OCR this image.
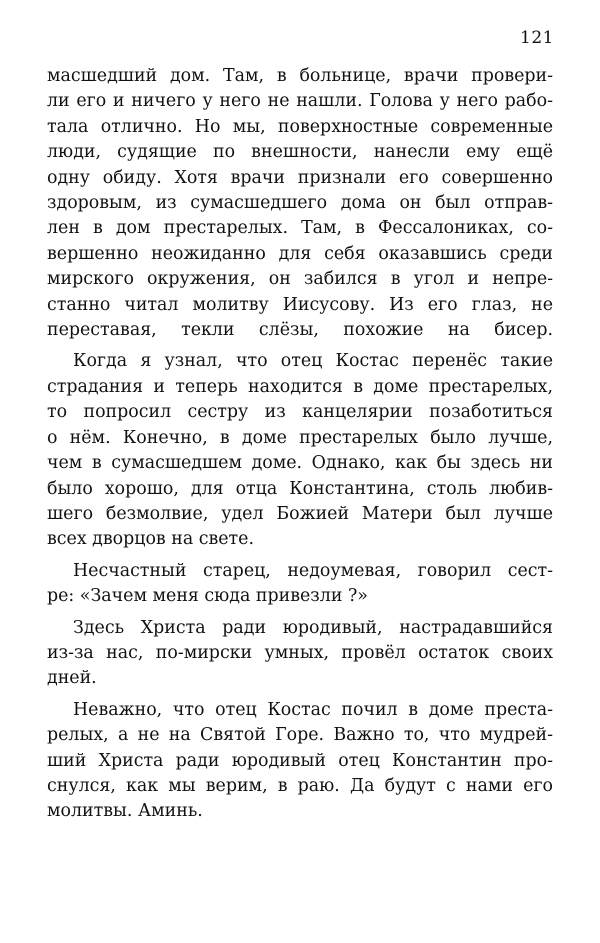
121
масшедший дом. Там, в больнице, врачи провери-
ли его и ничего у него не нашли. Голова у него рабо-
тала отлично. Но мы, поверхностные современные
люди, судящие по внешности, нанесли ему ещё
одну обиду. Хотя врачи признали его совершенно
здоровым, из сумасшедшего дома он был отправ-
лен в дом престарелых. Там, в Фессалониках, со-
вершенно неожиданно для себя оказавшись среди
мирского окружения, он забился в угол и непре-
станно читал молитву Иисусову. Из его глаз, не
переставая, текли слёзы, похожие на бисер.
Когда я узнал, что отец Костас перенёс такие
страдания и теперь находится в доме престарелых,
то попросил сестру из канцелярии позаботиться
о нём. Конечно, в доме престарелых было лучше,
чем в сумасшедшем доме. Однако, как бы здесь ни
было хорошо, для отца Константина, столь любив-
шего безмолвие, удел Божией Матери был лучше
всех дворцов на свете.
Несчастный старец, недоумевая, говорил сест-
ре: «Зачем меня сюда привезли ?»
Здесь Христа ради юродивый, настрадавшийся
из-за нас, по-мирски умных, провёл остаток своих
дней.
Неважно, что отец Костас почил в доме преста-
релых, а не на Святой Горе. Важно то, что мудрей-
ший Христа ради юродивый отец Константин про-
снулся, как мы верим, в раю. Да будут с нами его
молитвы. Аминь.
